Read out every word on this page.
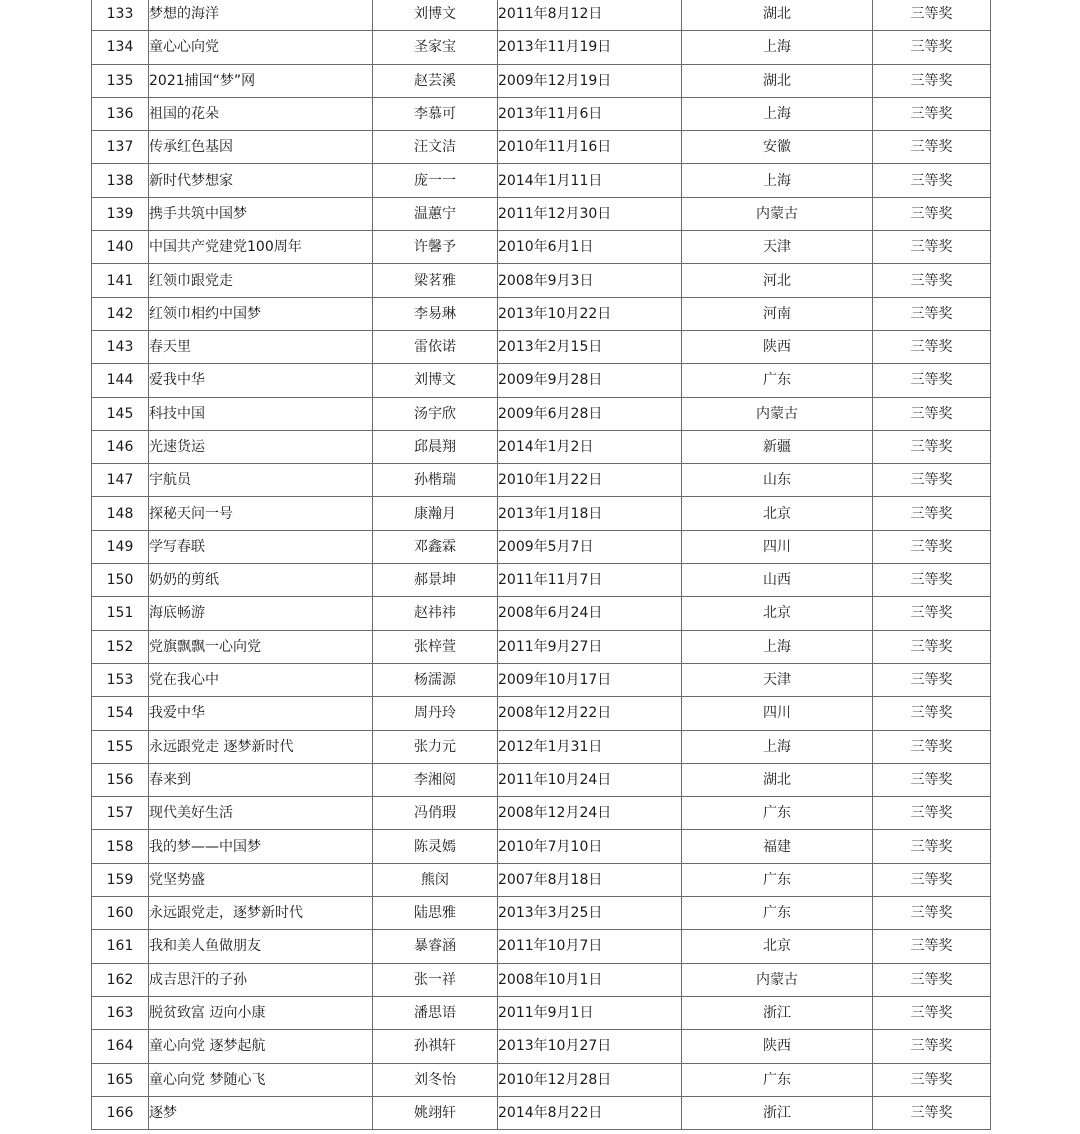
133	梦想的海洋	刘博文	2011年8月12日	湖北	三等奖
134	童心心向党	圣家宝	2013年11月19日	上海	三等奖
135	2021捕国“梦”网	赵芸溪	2009年12月19日	湖北	三等奖
136	祖国的花朵	李慕可	2013年11月6日	上海	三等奖
137	传承红色基因	汪文洁	2010年11月16日	安徽	三等奖
138	新时代梦想家	庞一一	2014年1月11日	上海	三等奖
139	携手共筑中国梦	温蕙宁	2011年12月30日	内蒙古	三等奖
140	中国共产党建党100周年	许馨予	2010年6月1日	天津	三等奖
141	红领巾跟党走	梁茗雅	2008年9月3日	河北	三等奖
142	红领巾相约中国梦	李易琳	2013年10月22日	河南	三等奖
143	春天里	雷依诺	2013年2月15日	陕西	三等奖
144	爱我中华	刘博文	2009年9月28日	广东	三等奖
145	科技中国	汤宇欣	2009年6月28日	内蒙古	三等奖
146	光速货运	邱晨翔	2014年1月2日	新疆	三等奖
147	宇航员	孙楷瑞	2010年1月22日	山东	三等奖
148	探秘天问一号	康瀚月	2013年1月18日	北京	三等奖
149	学写春联	邓鑫霖	2009年5月7日	四川	三等奖
150	奶奶的剪纸	郝景坤	2011年11月7日	山西	三等奖
151	海底畅游	赵祎祎	2008年6月24日	北京	三等奖
152	党旗飘飘一心向党	张梓萱	2011年9月27日	上海	三等奖
153	党在我心中	杨濡源	2009年10月17日	天津	三等奖
154	我爱中华	周丹玲	2008年12月22日	四川	三等奖
155	永远跟党走 逐梦新时代	张力元	2012年1月31日	上海	三等奖
156	春来到	李湘阅	2011年10月24日	湖北	三等奖
157	现代美好生活	冯俏瑕	2008年12月24日	广东	三等奖
158	我的梦——中国梦	陈灵嫣	2010年7月10日	福建	三等奖
159	党坚势盛	熊闵	2007年8月18日	广东	三等奖
160	永远跟党走，逐梦新时代	陆思雅	2013年3月25日	广东	三等奖
161	我和美人鱼做朋友	暴睿涵	2011年10月7日	北京	三等奖
162	成吉思汗的子孙	张一祥	2008年10月1日	内蒙古	三等奖
163	脱贫致富 迈向小康	潘思语	2011年9月1日	浙江	三等奖
164	童心向党 逐梦起航	孙祺轩	2013年10月27日	陕西	三等奖
165	童心向党 梦随心飞	刘冬怡	2010年12月28日	广东	三等奖
166	逐梦	姚翊轩	2014年8月22日	浙江	三等奖
